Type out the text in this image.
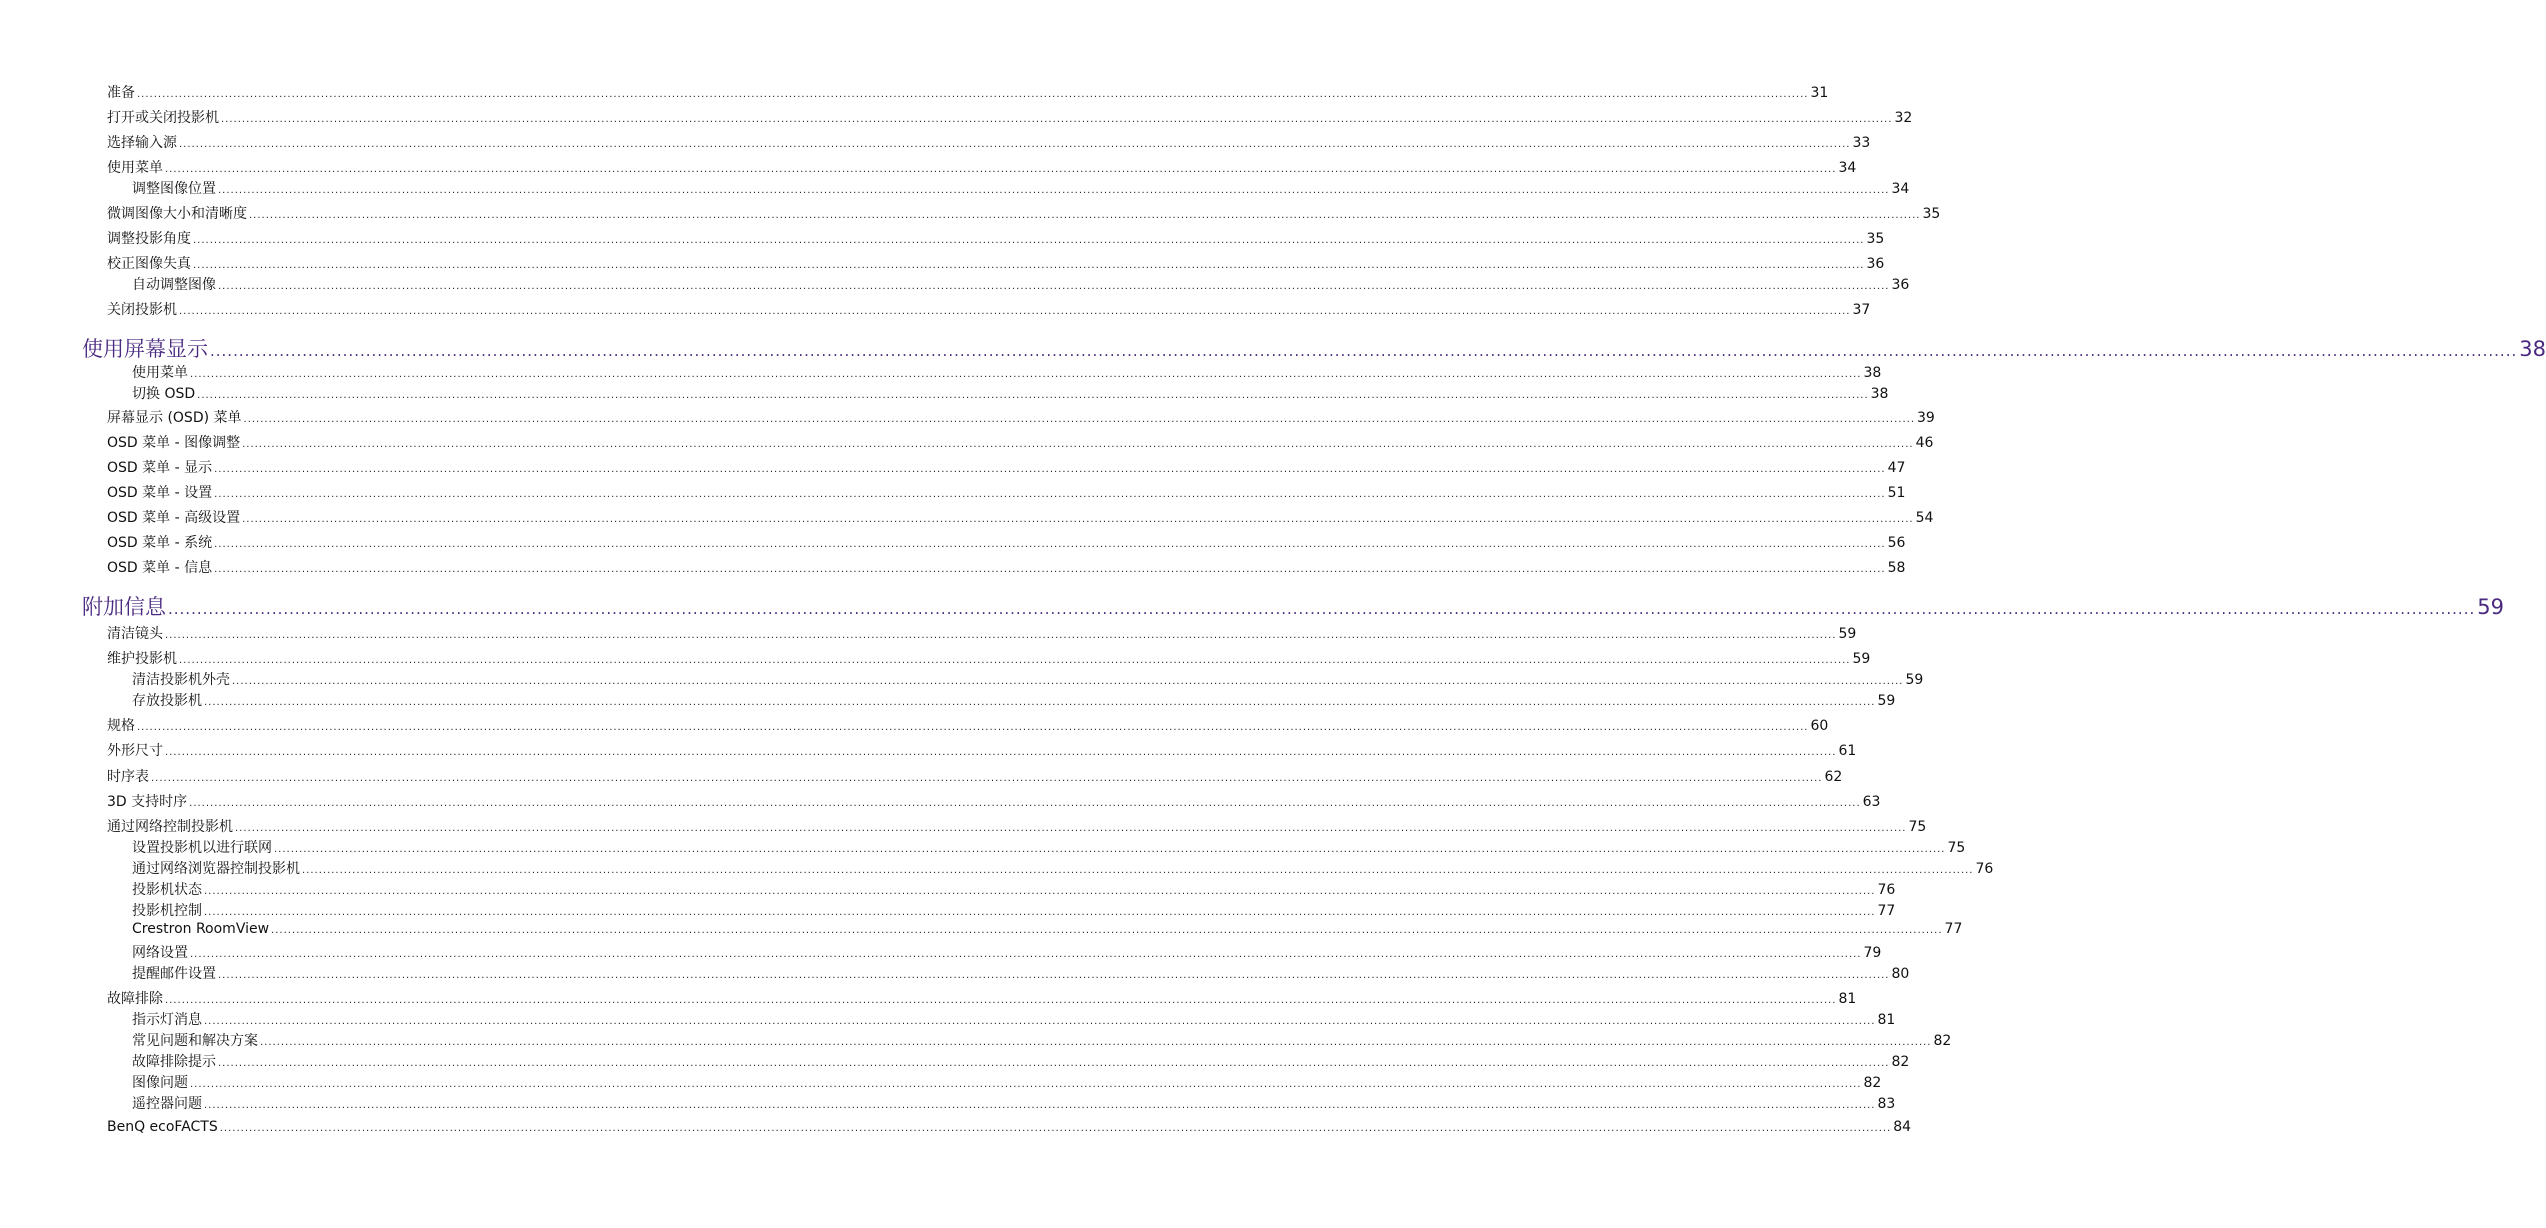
准备 ................................................................................................................................................................................................................................................................................................................................................................................................................ 31
打开或关闭投影机 ................................................................................................................................................................................................................................................................................................................................................................................................................ 32
选择输入源 ................................................................................................................................................................................................................................................................................................................................................................................................................ 33
使用菜单 ................................................................................................................................................................................................................................................................................................................................................................................................................ 34
调整图像位置 ................................................................................................................................................................................................................................................................................................................................................................................................................ 34
微调图像大小和清晰度 ................................................................................................................................................................................................................................................................................................................................................................................................................ 35
调整投影角度 ................................................................................................................................................................................................................................................................................................................................................................................................................ 35
校正图像失真 ................................................................................................................................................................................................................................................................................................................................................................................................................ 36
自动调整图像 ................................................................................................................................................................................................................................................................................................................................................................................................................ 36
关闭投影机 ................................................................................................................................................................................................................................................................................................................................................................................................................ 37
使用屏幕显示 ................................................................................................................................................................................................................................................................................................................................................................................................................ 38
使用菜单 ................................................................................................................................................................................................................................................................................................................................................................................................................ 38
切换 OSD ................................................................................................................................................................................................................................................................................................................................................................................................................ 38
屏幕显示 (OSD) 菜单 ................................................................................................................................................................................................................................................................................................................................................................................................................ 39
OSD 菜单 - 图像调整 ................................................................................................................................................................................................................................................................................................................................................................................................................ 46
OSD 菜单 - 显示 ................................................................................................................................................................................................................................................................................................................................................................................................................ 47
OSD 菜单 - 设置 ................................................................................................................................................................................................................................................................................................................................................................................................................ 51
OSD 菜单 - 高级设置 ................................................................................................................................................................................................................................................................................................................................................................................................................ 54
OSD 菜单 - 系统 ................................................................................................................................................................................................................................................................................................................................................................................................................ 56
OSD 菜单 - 信息 ................................................................................................................................................................................................................................................................................................................................................................................................................ 58
附加信息 ................................................................................................................................................................................................................................................................................................................................................................................................................ 59
清洁镜头 ................................................................................................................................................................................................................................................................................................................................................................................................................ 59
维护投影机 ................................................................................................................................................................................................................................................................................................................................................................................................................ 59
清洁投影机外壳 ................................................................................................................................................................................................................................................................................................................................................................................................................ 59
存放投影机 ................................................................................................................................................................................................................................................................................................................................................................................................................ 59
规格 ................................................................................................................................................................................................................................................................................................................................................................................................................ 60
外形尺寸 ................................................................................................................................................................................................................................................................................................................................................................................................................ 61
时序表 ................................................................................................................................................................................................................................................................................................................................................................................................................ 62
3D 支持时序 ................................................................................................................................................................................................................................................................................................................................................................................................................ 63
通过网络控制投影机 ................................................................................................................................................................................................................................................................................................................................................................................................................ 75
设置投影机以进行联网 ................................................................................................................................................................................................................................................................................................................................................................................................................ 75
通过网络浏览器控制投影机 ................................................................................................................................................................................................................................................................................................................................................................................................................ 76
投影机状态 ................................................................................................................................................................................................................................................................................................................................................................................................................ 76
投影机控制 ................................................................................................................................................................................................................................................................................................................................................................................................................ 77
Crestron RoomView ................................................................................................................................................................................................................................................................................................................................................................................................................ 77
网络设置 ................................................................................................................................................................................................................................................................................................................................................................................................................ 79
提醒邮件设置 ................................................................................................................................................................................................................................................................................................................................................................................................................ 80
故障排除 ................................................................................................................................................................................................................................................................................................................................................................................................................ 81
指示灯消息 ................................................................................................................................................................................................................................................................................................................................................................................................................ 81
常见问题和解决方案 ................................................................................................................................................................................................................................................................................................................................................................................................................ 82
故障排除提示 ................................................................................................................................................................................................................................................................................................................................................................................................................ 82
图像问题 ................................................................................................................................................................................................................................................................................................................................................................................................................ 82
遥控器问题 ................................................................................................................................................................................................................................................................................................................................................................................................................ 83
BenQ ecoFACTS ................................................................................................................................................................................................................................................................................................................................................................................................................ 84
